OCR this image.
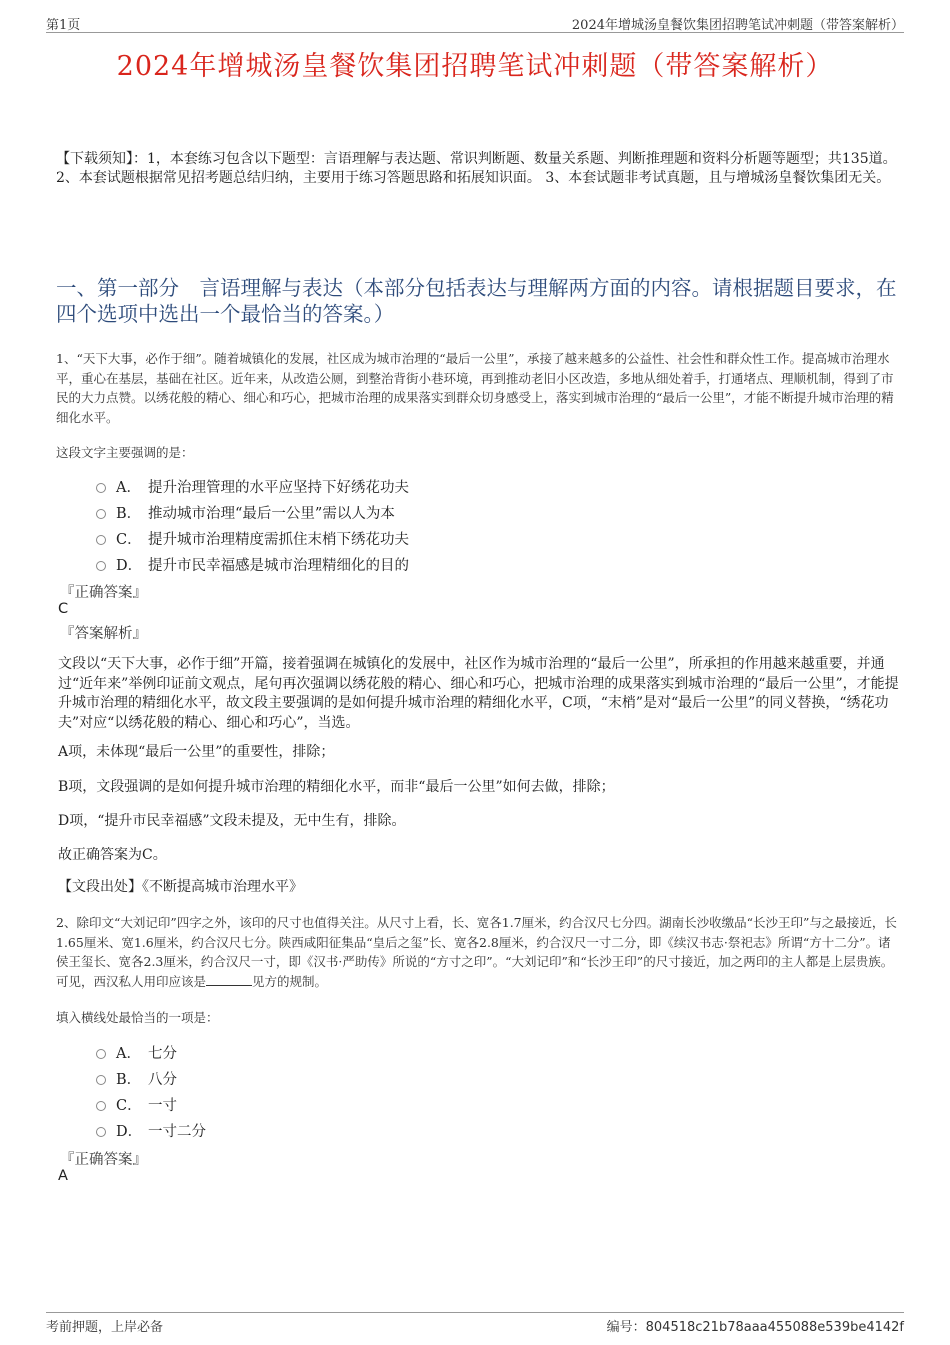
第1页	2024年增城汤皇餐饮集团招聘笔试冲刺题（带答案解析）
2024年增城汤皇餐饮集团招聘笔试冲刺题（带答案解析）
【下载须知】：1，本套练习包含以下题型：言语理解与表达题、常识判断题、数量关系题、判断推理题和资料分析题等题型；共135道。 2、本套试题根据常见招考题总结归纳，主要用于练习答题思路和拓展知识面。 3、本套试题非考试真题，且与增城汤皇餐饮集团无关。
一、第一部分　言语理解与表达（本部分包括表达与理解两方面的内容。请根据题目要求，在四个选项中选出一个最恰当的答案。）
1、“天下大事，必作于细”。随着城镇化的发展，社区成为城市治理的“最后一公里”，承接了越来越多的公益性、社会性和群众性工作。提高城市治理水平，重心在基层，基础在社区。近年来，从改造公厕，到整治背街小巷环境，再到推动老旧小区改造，多地从细处着手，打通堵点、理顺机制，得到了市民的大力点赞。以绣花般的精心、细心和巧心，把城市治理的成果落实到群众切身感受上，落实到城市治理的“最后一公里”，才能不断提升城市治理的精细化水平。
这段文字主要强调的是：
A． 提升治理管理的水平应坚持下好绣花功夫
B． 推动城市治理“最后一公里”需以人为本
C． 提升城市治理精度需抓住末梢下绣花功夫
D． 提升市民幸福感是城市治理精细化的目的
『正确答案』
C
『答案解析』
文段以“天下大事，必作于细”开篇，接着强调在城镇化的发展中，社区作为城市治理的“最后一公里”，所承担的作用越来越重要，并通过“近年来”举例印证前文观点，尾句再次强调以绣花般的精心、细心和巧心，把城市治理的成果落实到城市治理的“最后一公里”，才能提升城市治理的精细化水平，故文段主要强调的是如何提升城市治理的精细化水平，C项，“末梢”是对“最后一公里”的同义替换，“绣花功夫”对应“以绣花般的精心、细心和巧心”，当选。
A项，未体现“最后一公里”的重要性，排除；
B项，文段强调的是如何提升城市治理的精细化水平，而非“最后一公里”如何去做，排除；
D项，“提升市民幸福感”文段未提及，无中生有，排除。
故正确答案为C。
【文段出处】《不断提高城市治理水平》
2、除印文“大刘记印”四字之外，该印的尺寸也值得关注。从尺寸上看，长、宽各1.7厘米，约合汉尺七分四。湖南长沙收缴品“长沙王印”与之最接近，长1.65厘米、宽1.6厘米，约合汉尺七分。陕西咸阳征集品“皇后之玺”长、宽各2.8厘米，约合汉尺一寸二分，即《续汉书志·祭祀志》所谓“方十二分”。诸侯王玺长、宽各2.3厘米，约合汉尺一寸，即《汉书·严助传》所说的“方寸之印”。“大刘记印”和“长沙王印”的尺寸接近，加之两印的主人都是上层贵族。可见，西汉私人用印应该是	见方的规制。
填入横线处最恰当的一项是：
A． 七分
B． 八分
C． 一寸
D． 一寸二分
『正确答案』
A
考前押题，上岸必备	编号：804518c21b78aaa455088e539be4142f
